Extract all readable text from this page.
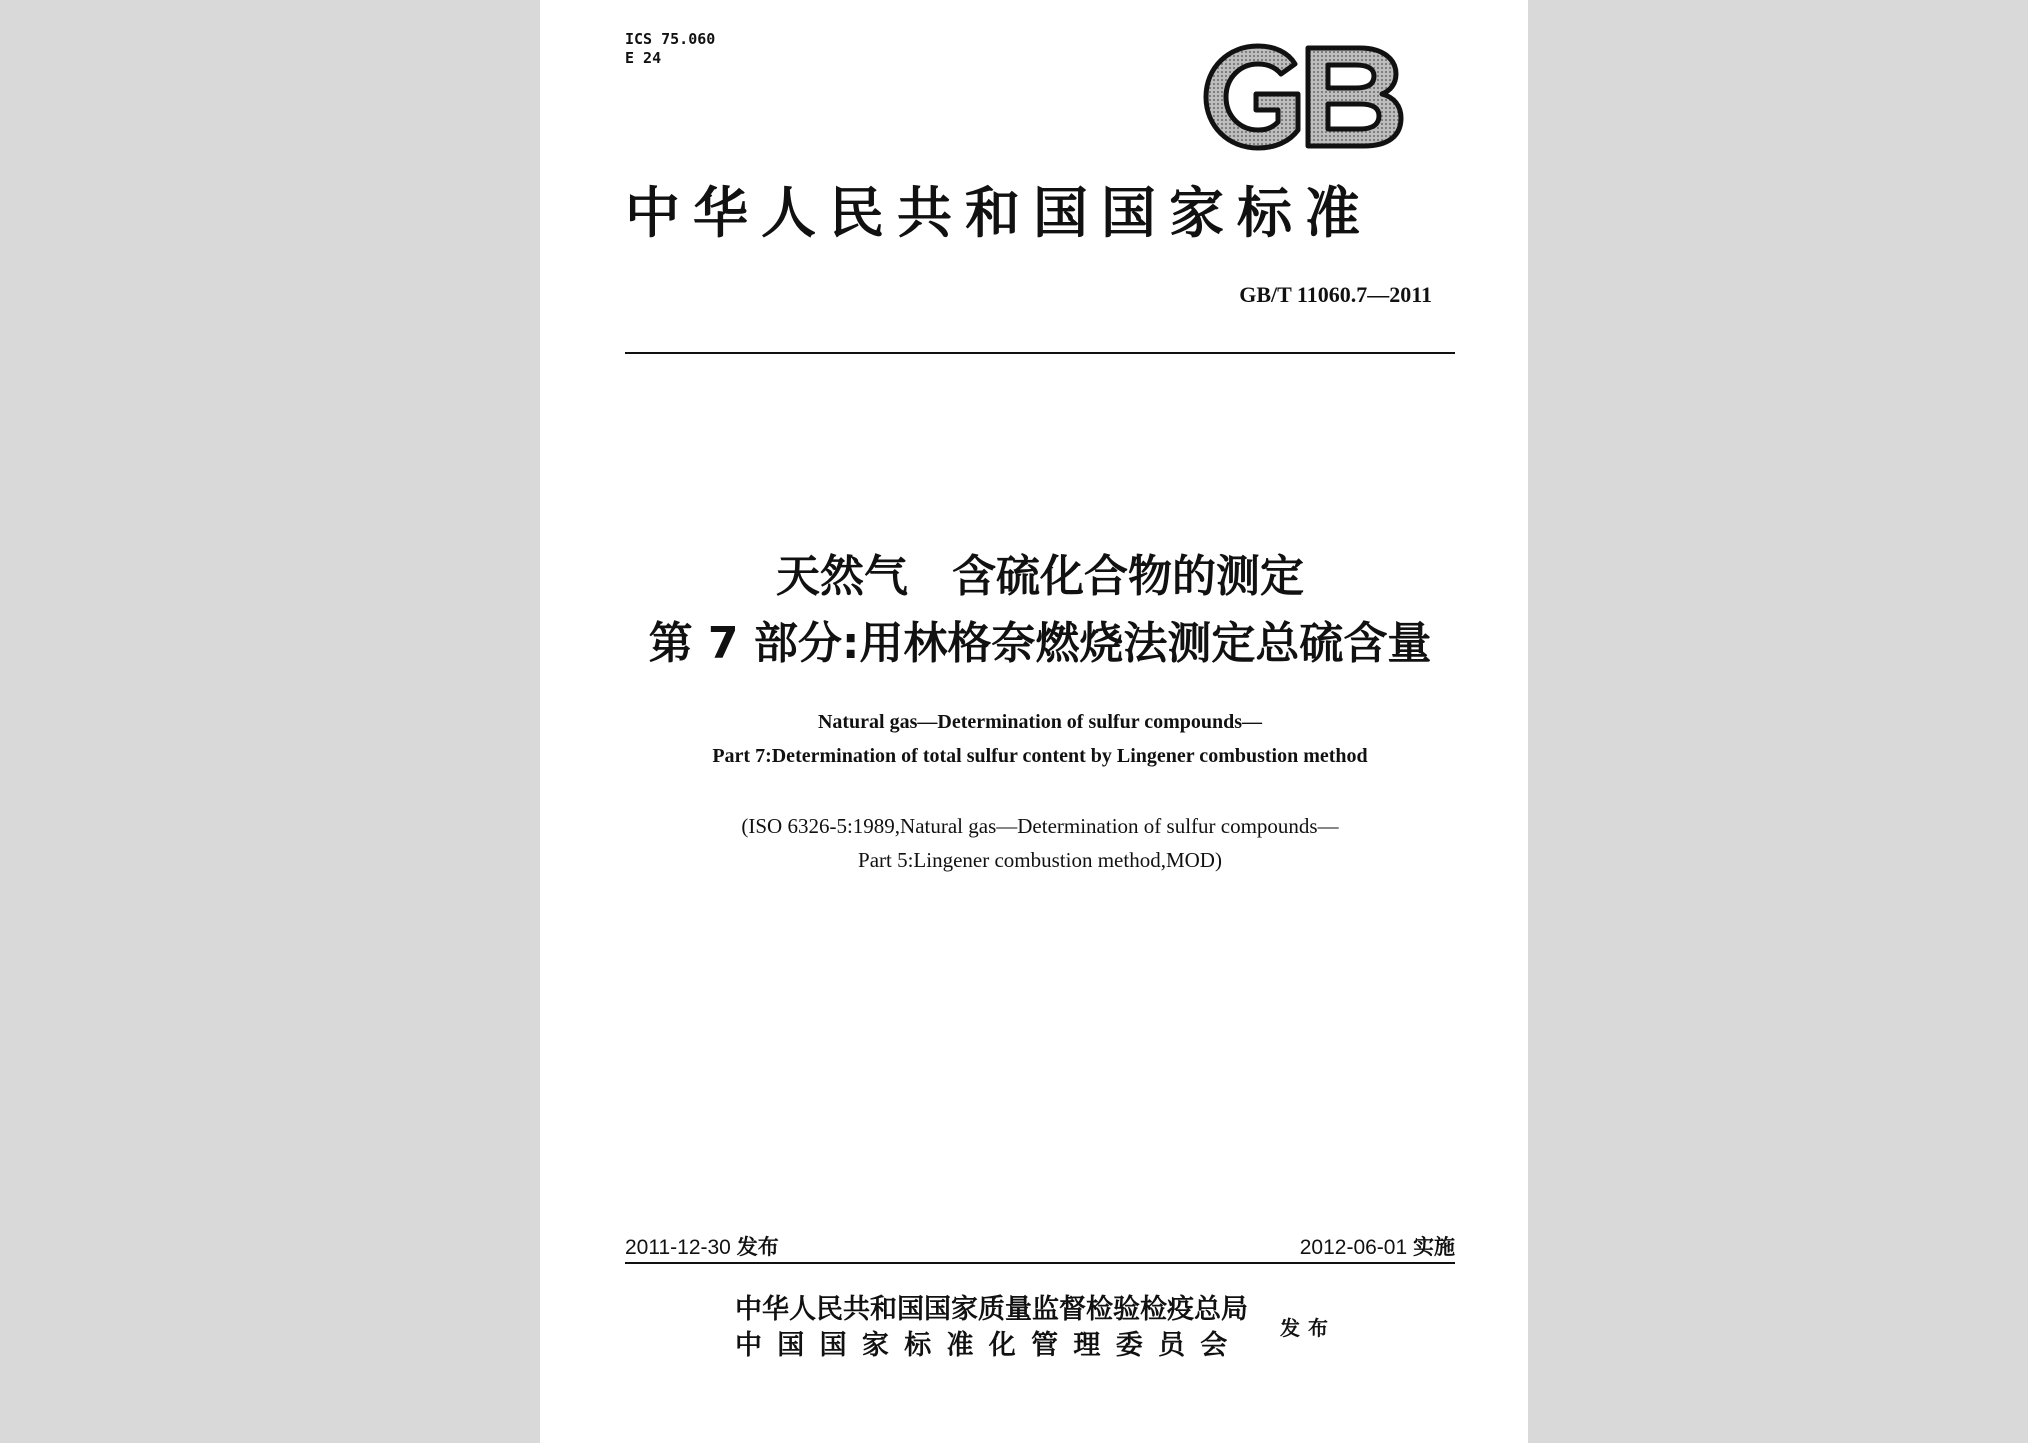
ICS 75.060
E 24
中华人民共和国国家标准
GB/T 11060.7—2011
天然气　含硫化合物的测定
第 7 部分:用林格奈燃烧法测定总硫含量
Natural gas—Determination of sulfur compounds—
Part 7:Determination of total sulfur content by Lingener combustion method
(ISO 6326-5:1989,Natural gas—Determination of sulfur compounds—
Part 5:Lingener combustion method,MOD)
2011-12-30 发布	2012-06-01 实施
中华人民共和国国家质量监督检验检疫总局
中国国家标准化管理委员会
发布
